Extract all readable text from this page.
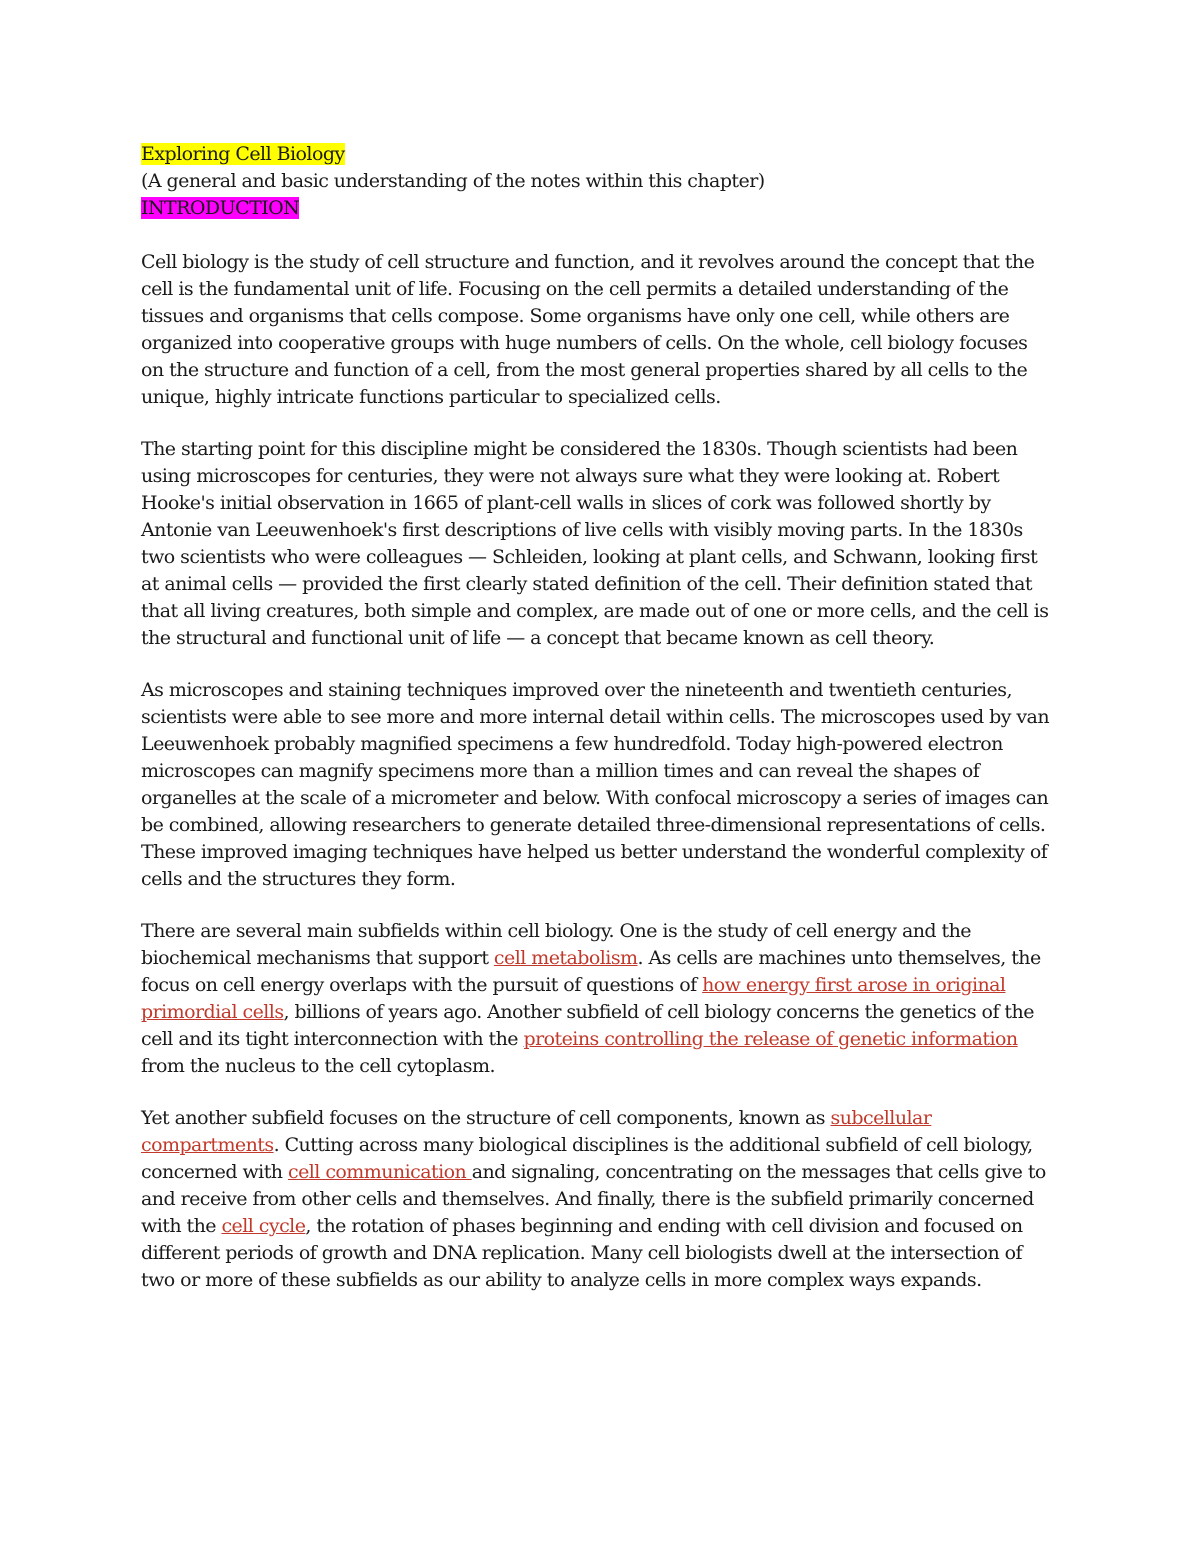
Exploring Cell Biology

(A general and basic understanding of the notes within this chapter)

INTRODUCTION

Cell biology is the study of cell structure and function, and it revolves around the concept that the cell is the fundamental unit of life. Focusing on the cell permits a detailed understanding of the tissues and organisms that cells compose. Some organisms have only one cell, while others are organized into cooperative groups with huge numbers of cells. On the whole, cell biology focuses on the structure and function of a cell, from the most general properties shared by all cells to the unique, highly intricate functions particular to specialized cells.

The starting point for this discipline might be considered the 1830s. Though scientists had been using microscopes for centuries, they were not always sure what they were looking at. Robert Hooke's initial observation in 1665 of plant-cell walls in slices of cork was followed shortly by Antonie van Leeuwenhoek's first descriptions of live cells with visibly moving parts. In the 1830s two scientists who were colleagues — Schleiden, looking at plant cells, and Schwann, looking first at animal cells — provided the first clearly stated definition of the cell. Their definition stated that that all living creatures, both simple and complex, are made out of one or more cells, and the cell is the structural and functional unit of life — a concept that became known as cell theory.

As microscopes and staining techniques improved over the nineteenth and twentieth centuries, scientists were able to see more and more internal detail within cells. The microscopes used by van Leeuwenhoek probably magnified specimens a few hundredfold. Today high-powered electron microscopes can magnify specimens more than a million times and can reveal the shapes of organelles at the scale of a micrometer and below. With confocal microscopy a series of images can be combined, allowing researchers to generate detailed three-dimensional representations of cells. These improved imaging techniques have helped us better understand the wonderful complexity of cells and the structures they form.

There are several main subfields within cell biology. One is the study of cell energy and the biochemical mechanisms that support cell metabolism. As cells are machines unto themselves, the focus on cell energy overlaps with the pursuit of questions of how energy first arose in original primordial cells, billions of years ago. Another subfield of cell biology concerns the genetics of the cell and its tight interconnection with the proteins controlling the release of genetic information from the nucleus to the cell cytoplasm.

Yet another subfield focuses on the structure of cell components, known as subcellular compartments. Cutting across many biological disciplines is the additional subfield of cell biology, concerned with cell communication and signaling, concentrating on the messages that cells give to and receive from other cells and themselves. And finally, there is the subfield primarily concerned with the cell cycle, the rotation of phases beginning and ending with cell division and focused on different periods of growth and DNA replication. Many cell biologists dwell at the intersection of two or more of these subfields as our ability to analyze cells in more complex ways expands.
